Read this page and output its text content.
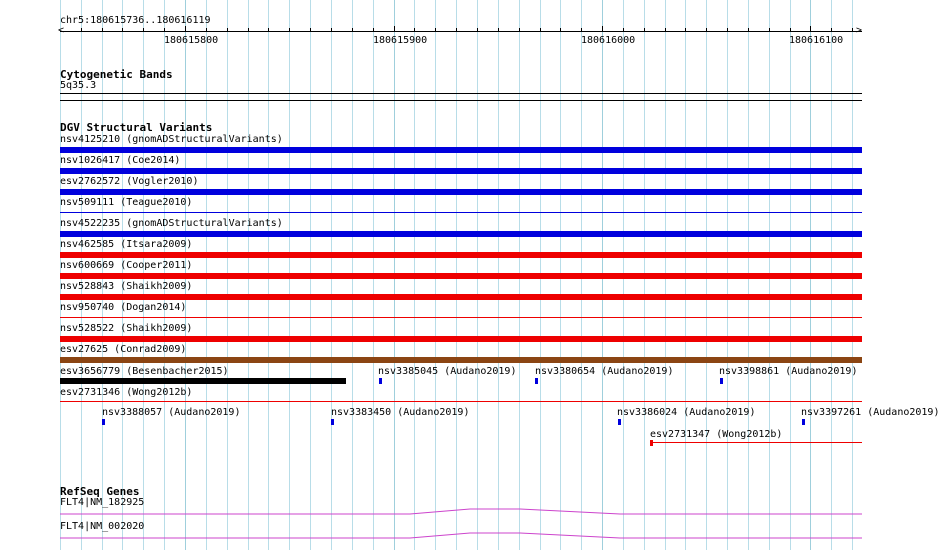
chr5:180615736..180616119
<	>
180615800	180615900	180616000	180616100
Cytogenetic Bands
5q35.3
DGV Structural Variants
nsv4125210 (gnomADStructuralVariants)
nsv1026417 (Coe2014)
esv2762572 (Vogler2010)
nsv509111 (Teague2010)
nsv4522235 (gnomADStructuralVariants)
nsv462585 (Itsara2009)
nsv600669 (Cooper2011)
nsv528843 (Shaikh2009)
nsv950740 (Dogan2014)
nsv528522 (Shaikh2009)
esv27625 (Conrad2009)
esv3656779 (Besenbacher2015)	nsv3385045 (Audano2019) nsv3380654 (Audano2019)	nsv3398861 (Audano2019)
esv2731346 (Wong2012b)
nsv3388057 (Audano2019)	nsv3383450 (Audano2019)	nsv3386024 (Audano2019)	nsv3397261 (Audano2019)
esv2731347 (Wong2012b)
RefSeq Genes
FLT4|NM_182925
FLT4|NM_002020
